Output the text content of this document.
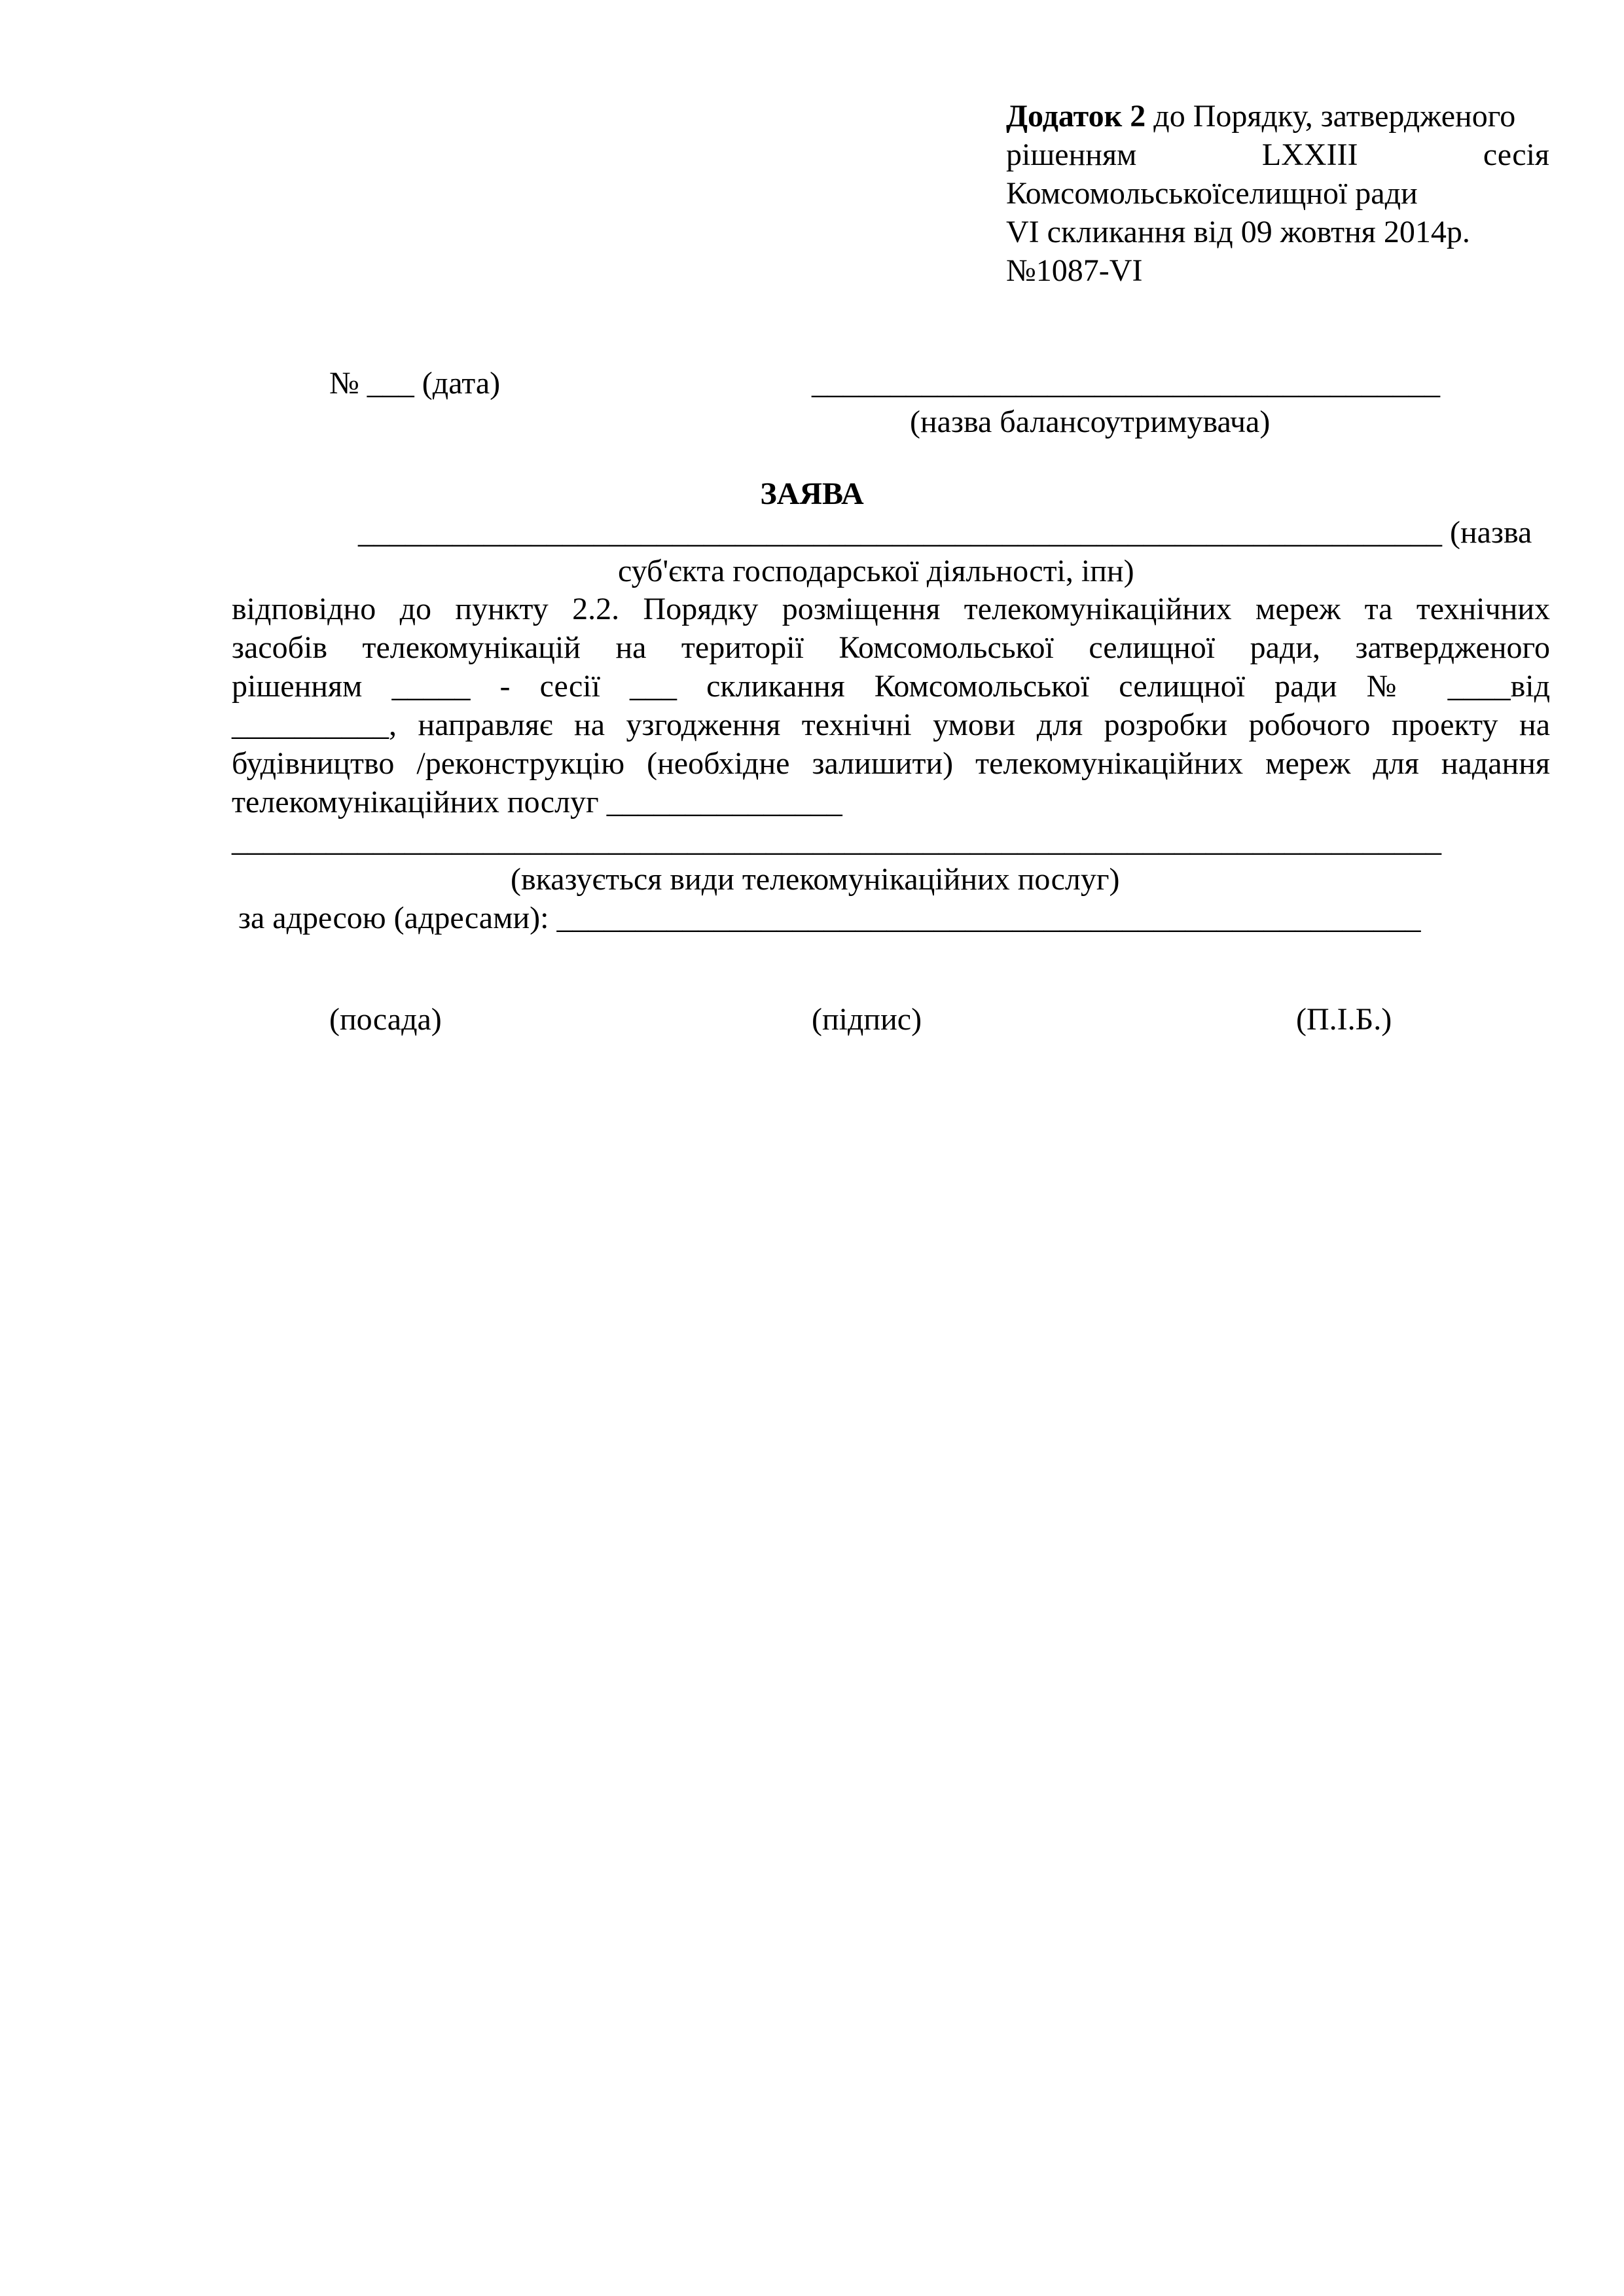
Додаток 2 до Порядку, затвердженого
рішенням LXXIII сесія
Комсомольськоїселищної ради
VI скликання від 09 жовтня 2014р.
№1087-VI
№ ___ (дата)	________________________________________
(назва балансоутримувача)
ЗАЯВА
_____________________________________________________________________ (назва
суб'єкта господарської діяльності, іпн)
відповідно до пункту 2.2. Порядку розміщення телекомунікаційних мереж та технічних
засобів телекомунікацій на території Комсомольської селищної ради, затвердженого
рішенням _____ - сесії ___ скликання Комсомольської селищної ради № ____від
__________, направляє на узгодження технічні умови для розробки робочого проекту на
будівництво /реконструкцію (необхідне залишити) телекомунікаційних мереж для надання
телекомунікаційних послуг _______________
_____________________________________________________________________________
(вказується види телекомунікаційних послуг)
за адресою (адресами): _______________________________________________________
(посада)	(підпис)	(П.І.Б.)
